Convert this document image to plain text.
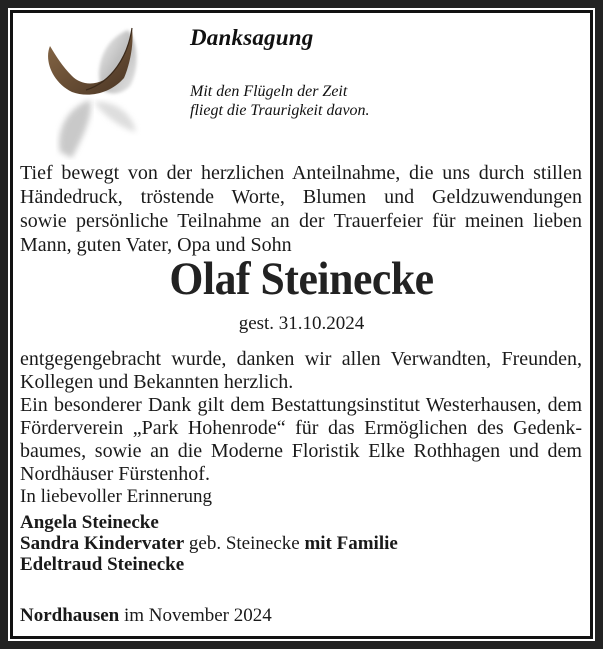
Danksagung
Mit den Flügeln der Zeit
fliegt die Traurigkeit davon.
Tief bewegt von der herzlichen Anteilnahme, die uns durch stillen
Händedruck, tröstende Worte, Blumen und Geldzuwendungen
sowie persönliche Teilnahme an der Trauerfeier für meinen lieben
Mann, guten Vater, Opa und Sohn
Olaf Steinecke
gest. 31.10.2024
entgegengebracht wurde, danken wir allen Verwandten, Freunden,
Kollegen und Bekannten herzlich.
Ein besonderer Dank gilt dem Bestattungsinstitut Westerhausen, dem
Förderverein „Park Hohenrode“ für das Ermöglichen des Gedenk-
baumes, sowie an die Moderne Floristik Elke Rothhagen und dem
Nordhäuser Fürstenhof.
In liebevoller Erinnerung
Angela Steinecke
Sandra Kindervater geb. Steinecke mit Familie
Edeltraud Steinecke
Nordhausen im November 2024
